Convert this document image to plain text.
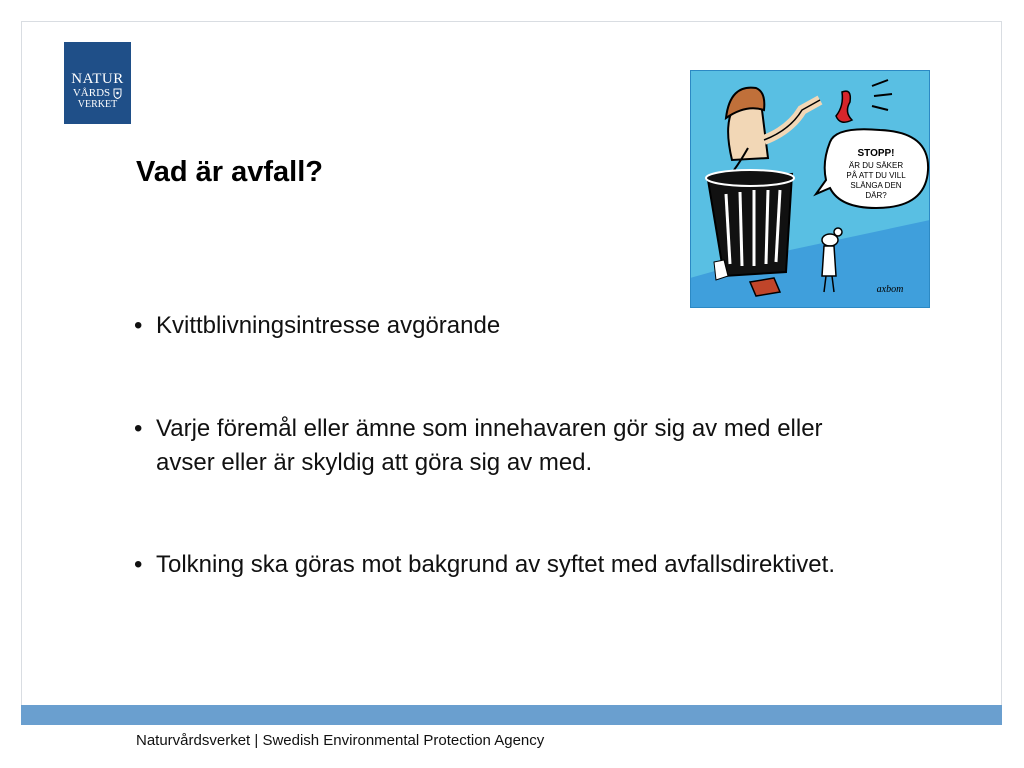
NATUR
VÅRDS
VERKET
Vad är avfall?
STOPP!
ÄR DU SÄKER
PÅ ATT DU VILL
SLÄNGA DEN
DÄR?
axbom
• Kvittblivningsintresse avgörande
• Varje föremål eller ämne som innehavaren gör sig av med eller avser eller är skyldig att göra sig av med.
• Tolkning ska göras mot bakgrund av syftet med avfallsdirektivet.
Naturvårdsverket | Swedish Environmental Protection Agency
